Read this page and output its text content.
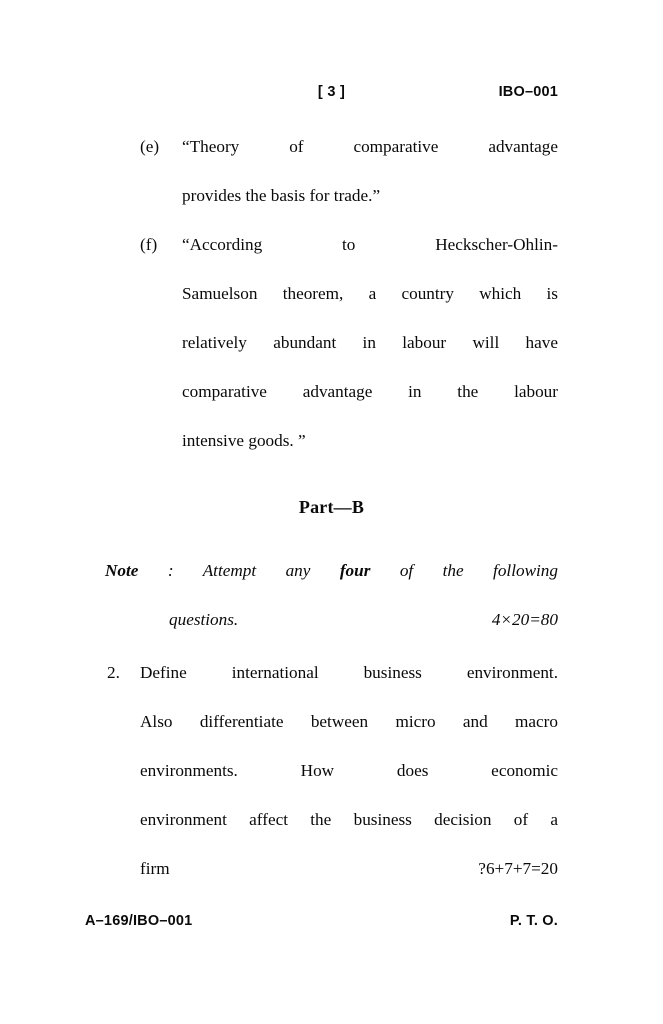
[ 3 ]	IBO–001
(e)	“Theory of comparative advantage
provides the basis for trade.”
(f)	“According to Heckscher-Ohlin-
Samuelson theorem, a country which is
relatively abundant in labour will have
comparative advantage in the labour
intensive goods. ”
Part—B
Note : Attempt any four of the following
questions.	4×20=80
2.	Define international business environment.
Also differentiate between micro and macro
environments. How does economic
environment affect the business decision of a
firm ?6+7+7=20
A–169/IBO–001	P. T. O.
